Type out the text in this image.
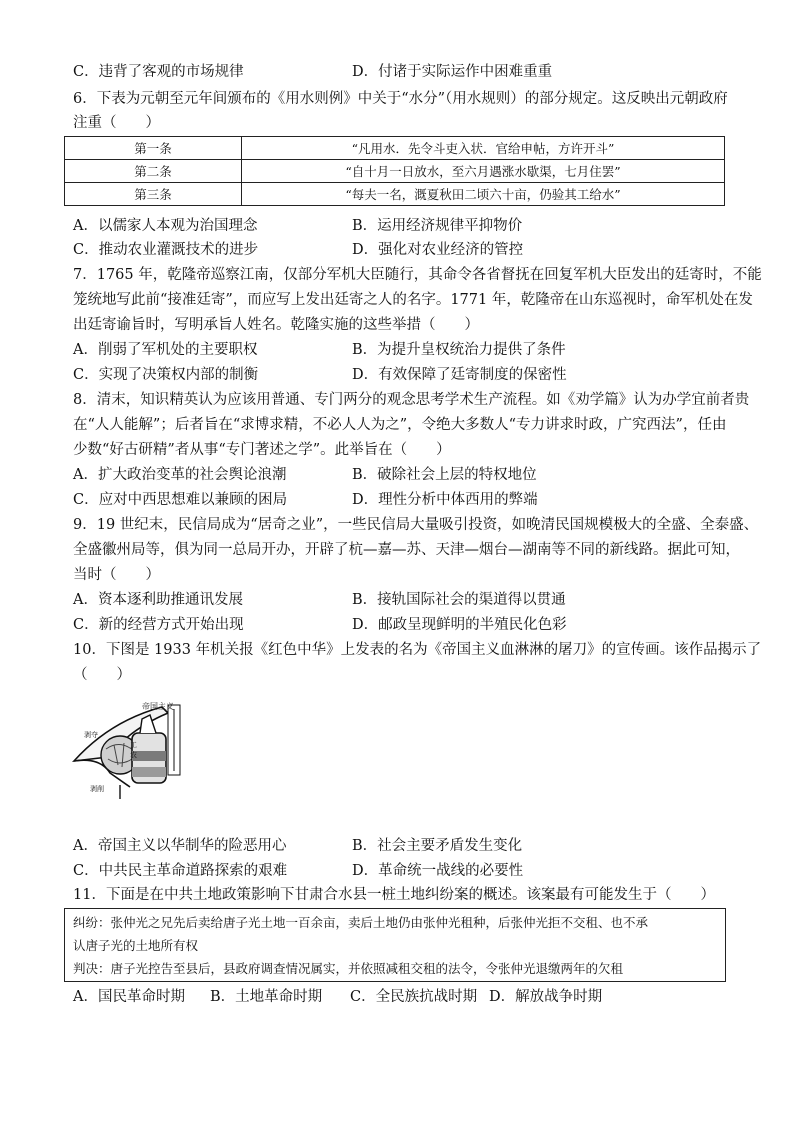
C．违背了客观的市场规律	D．付诸于实际运作中困难重重
6．下表为元朝至元年间颁布的《用水则例》中关于“水分”（用水规则）的部分规定。这反映出元朝政府
注重（　　）
第一条	“凡用水．先令斗吏入状．官给申帖，方许开斗”
第二条	“自十月一日放水，至六月遇涨水歇渠，七月住罢”
第三条	“每夫一名，溉夏秋田二顷六十亩，仍验其工给水”
A．以儒家人本观为治国理念	B．运用经济规律平抑物价
C．推动农业灌溉技术的进步	D．强化对农业经济的管控
7．1765 年，乾隆帝巡察江南，仅部分军机大臣随行，其命令各省督抚在回复军机大臣发出的廷寄时，不能
笼统地写此前“接准廷寄”，而应写上发出廷寄之人的名字。1771 年，乾隆帝在山东巡视时，命军机处在发
出廷寄谕旨时，写明承旨人姓名。乾隆实施的这些举措（　　）
A．削弱了军机处的主要职权	B．为提升皇权统治力提供了条件
C．实现了决策权内部的制衡	D．有效保障了廷寄制度的保密性
8．清末，知识精英认为应该用普通、专门两分的观念思考学术生产流程。如《劝学篇》认为办学宜前者贵
在“人人能解”；后者旨在“求博求精，不必人人为之”，令绝大多数人“专力讲求时政，广究西法”，任由
少数“好古研精”者从事“专门著述之学”。此举旨在（　　）
A．扩大政治变革的社会舆论浪潮	B．破除社会上层的特权地位
C．应对中西思想难以兼顾的困局	D．理性分析中体西用的弊端
9．19 世纪末，民信局成为“居奇之业”，一些民信局大量吸引投资，如晚清民国规模极大的全盛、全泰盛、
全盛徽州局等，俱为同一总局开办，开辟了杭—嘉—苏、天津—烟台—湖南等不同的新线路。据此可知，
当时（　　）
A．资本逐利助推通讯发展	B．接轨国际社会的渠道得以贯通
C．新的经营方式开始出现	D．邮政呈现鲜明的半殖民化色彩
10．下图是 1933 年机关报《红色中华》上发表的名为《帝国主义血淋淋的屠刀》的宣传画。该作品揭示了
（　　）
帝国主义
剥夺
工
农
剥削
A．帝国主义以华制华的险恶用心	B．社会主要矛盾发生变化
C．中共民主革命道路探索的艰难	D．革命统一战线的必要性
11．下面是在中共土地政策影响下甘肃合水县一桩土地纠纷案的概述。该案最有可能发生于（　　）
纠纷：张仲光之兄先后卖给唐子光土地一百余亩，卖后土地仍由张仲光租种，后张仲光拒不交租、也不承
认唐子光的土地所有权
判决：唐子光控告至县后，县政府调查情况属实，并依照减租交租的法令，令张仲光退缴两年的欠租
A．国民革命时期 B．土地革命时期 C．全民族抗战时期 D．解放战争时期
